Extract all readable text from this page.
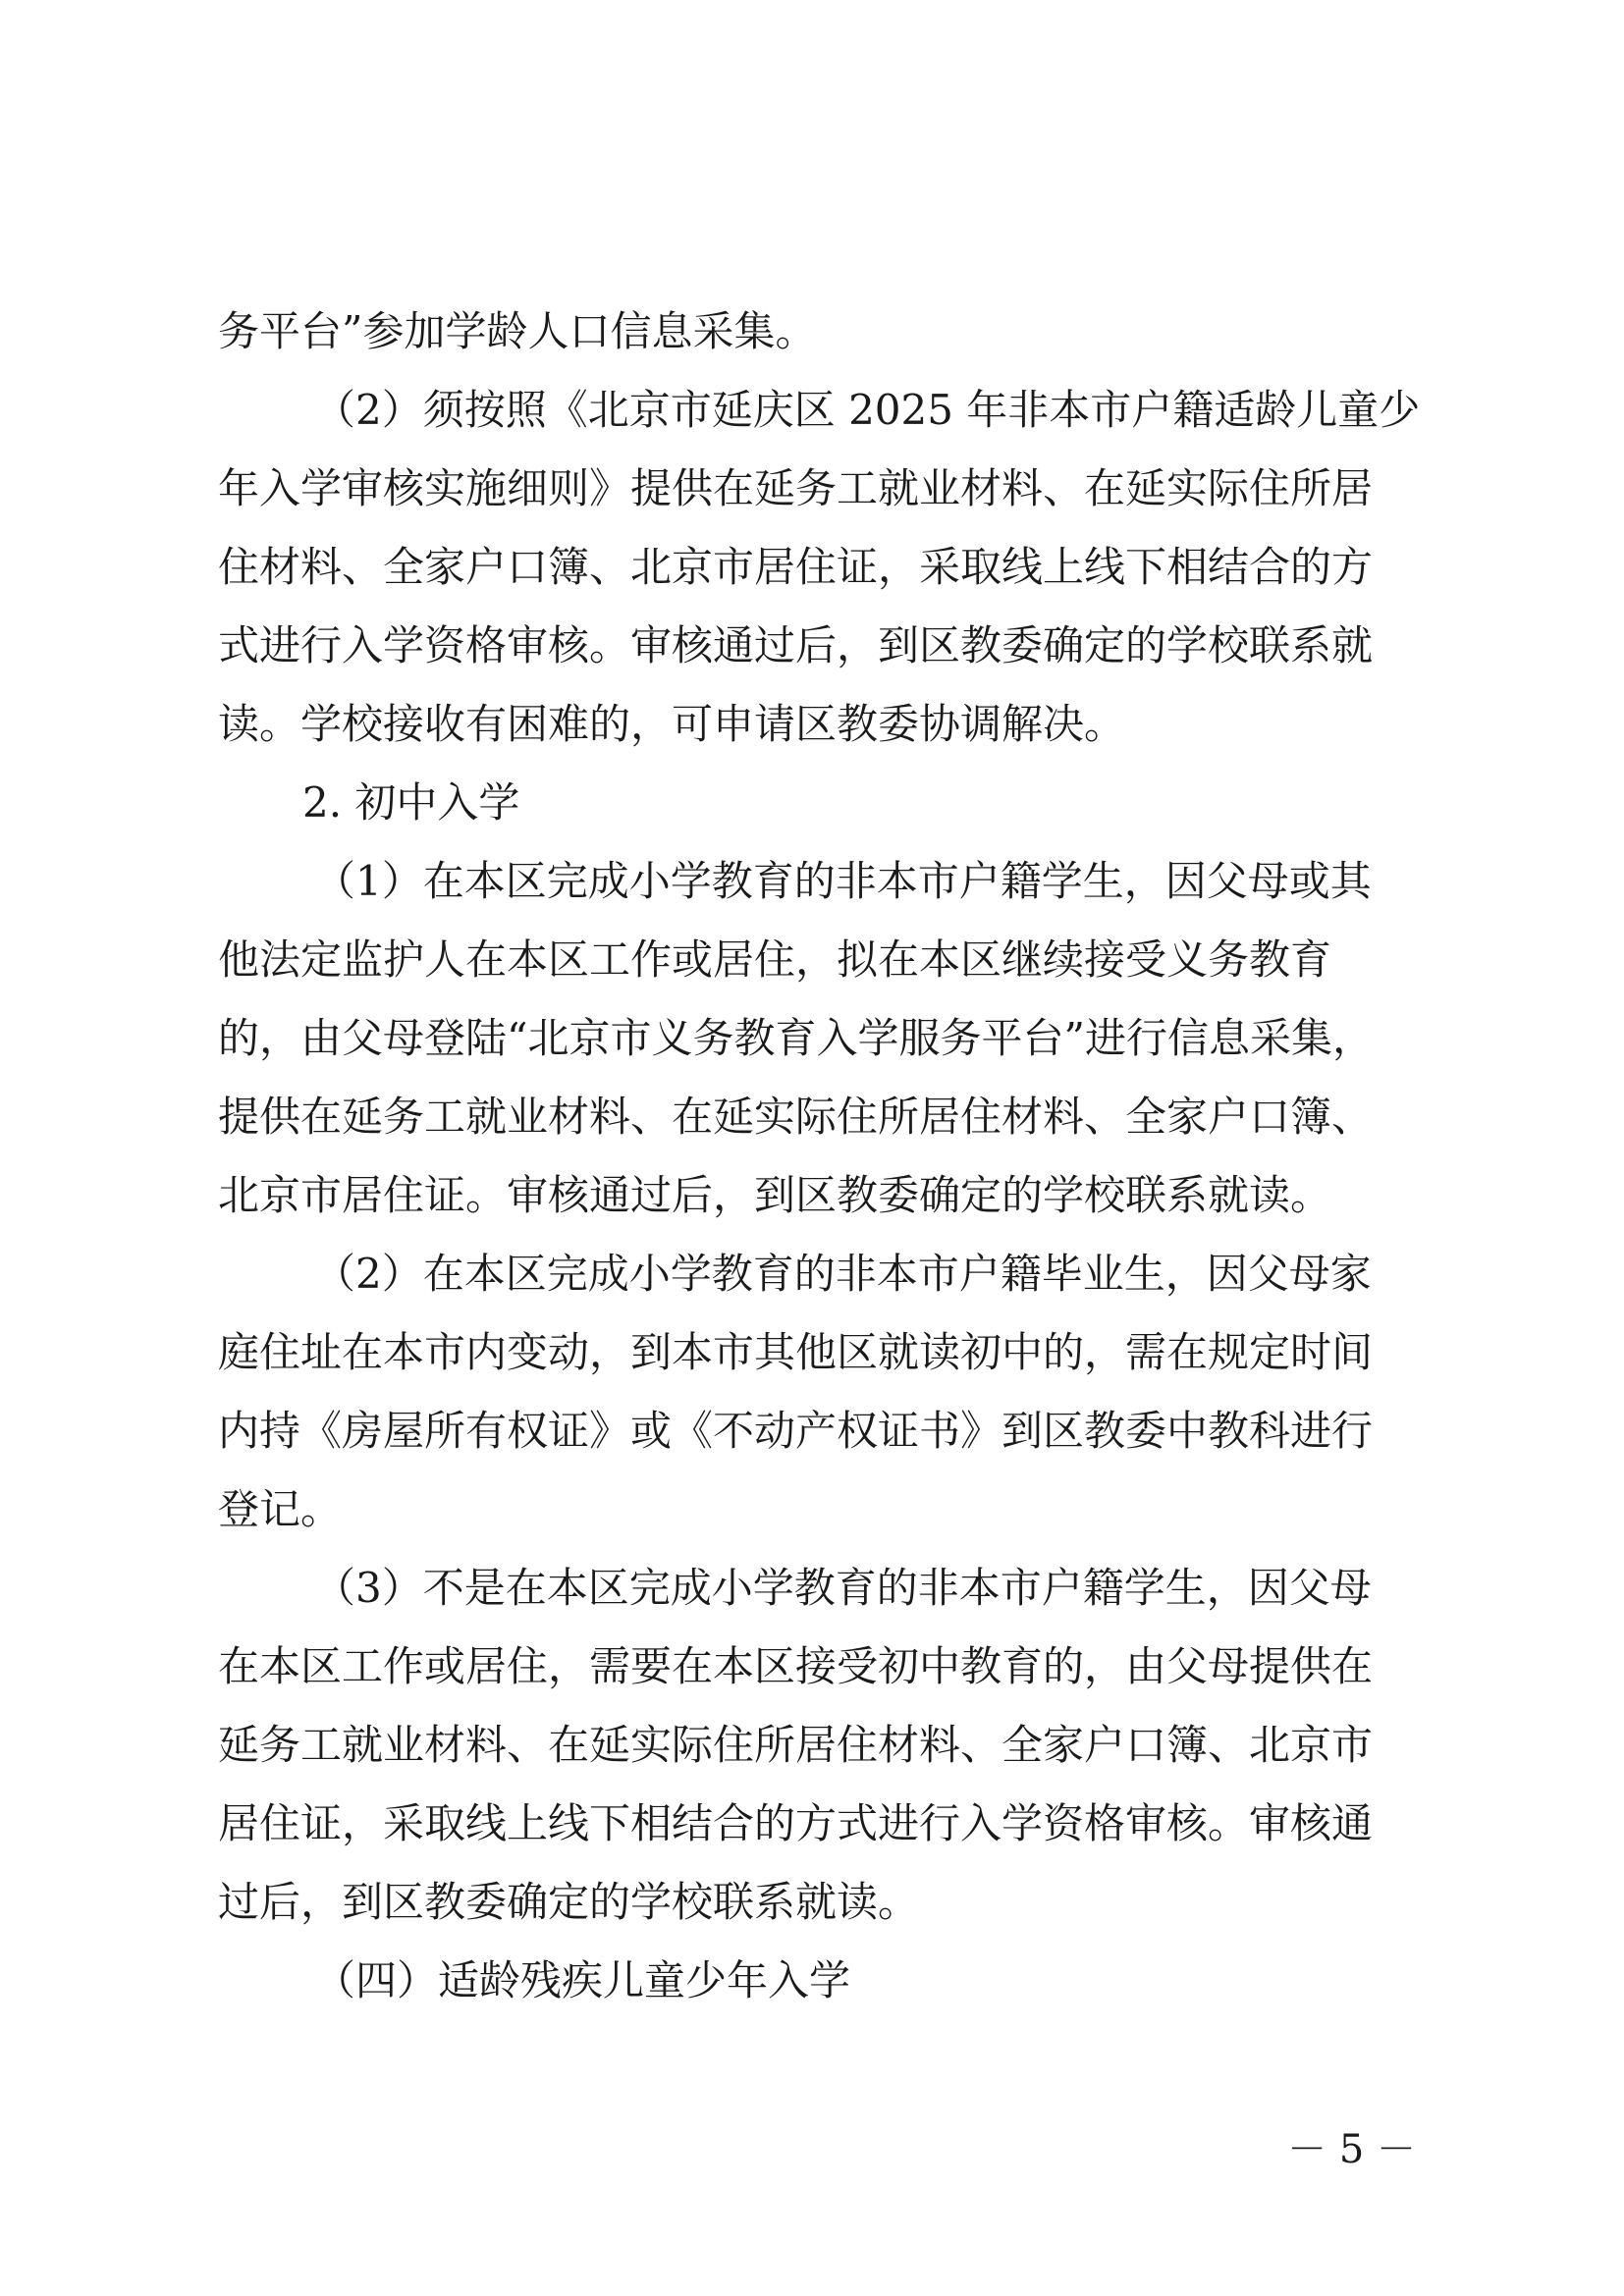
务平台”参加学龄人口信息采集。
（2）须按照《北京市延庆区 2025 年非本市户籍适龄儿童少
年入学审核实施细则》提供在延务工就业材料、在延实际住所居
住材料、全家户口簿、北京市居住证，采取线上线下相结合的方
式进行入学资格审核。审核通过后，到区教委确定的学校联系就
读。学校接收有困难的，可申请区教委协调解决。
2. 初中入学
（1）在本区完成小学教育的非本市户籍学生，因父母或其
他法定监护人在本区工作或居住，拟在本区继续接受义务教育
的，由父母登陆“北京市义务教育入学服务平台”进行信息采集，
提供在延务工就业材料、在延实际住所居住材料、全家户口簿、
北京市居住证。审核通过后，到区教委确定的学校联系就读。
（2）在本区完成小学教育的非本市户籍毕业生，因父母家
庭住址在本市内变动，到本市其他区就读初中的，需在规定时间
内持《房屋所有权证》或《不动产权证书》到区教委中教科进行
登记。
（3）不是在本区完成小学教育的非本市户籍学生，因父母
在本区工作或居住，需要在本区接受初中教育的，由父母提供在
延务工就业材料、在延实际住所居住材料、全家户口簿、北京市
居住证，采取线上线下相结合的方式进行入学资格审核。审核通
过后，到区教委确定的学校联系就读。
（四）适龄残疾儿童少年入学
－ 5 －
